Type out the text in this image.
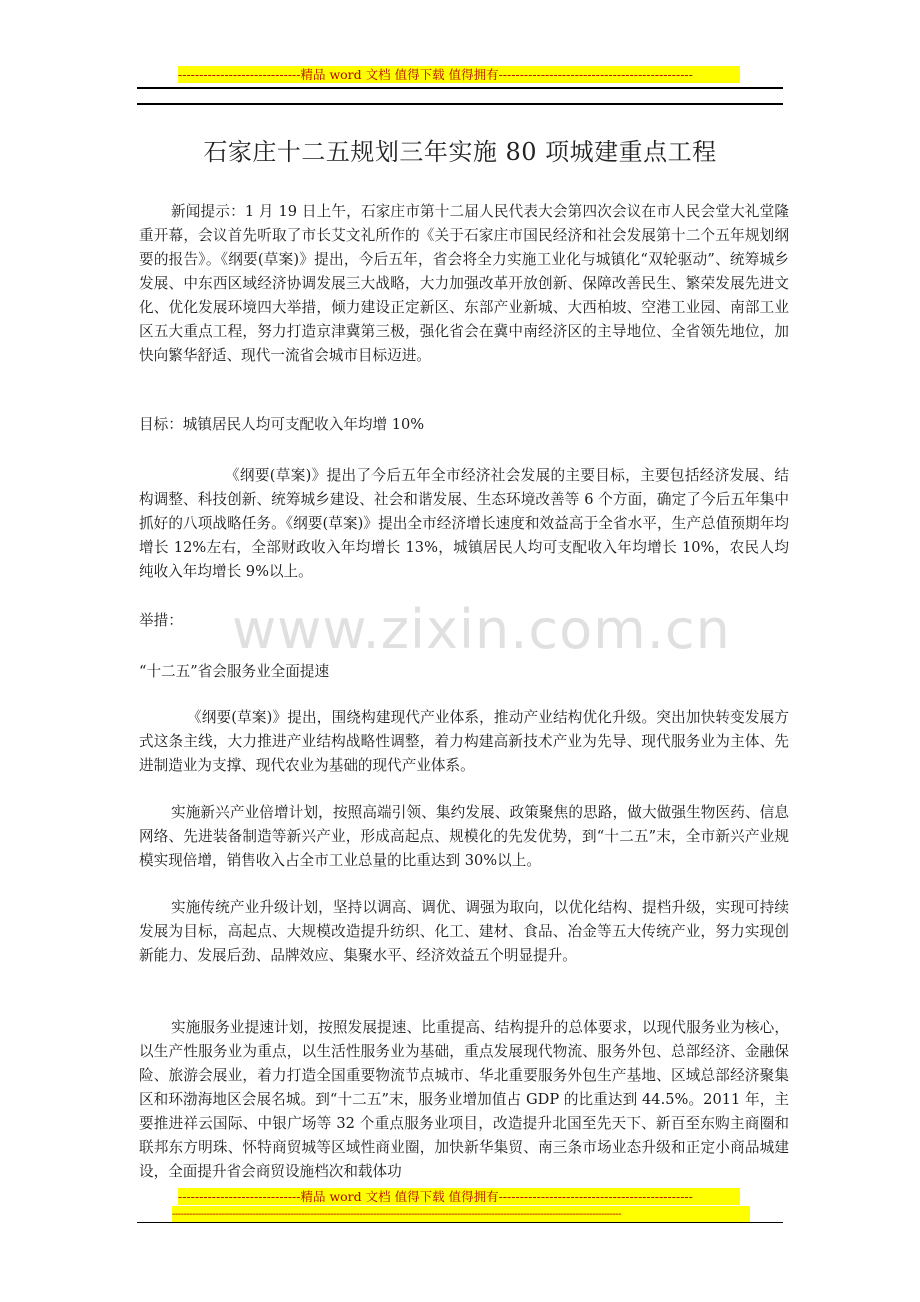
-----------------------------精品 word 文档 值得下载 值得拥有----------------------------------------------
www.zixin.com.cn
石家庄十二五规划三年实施 80 项城建重点工程
新闻提示：1 月 19 日上午，石家庄市第十二届人民代表大会第四次会议在市人民会堂大礼堂隆重开幕，会议首先听取了市长艾文礼所作的《关于石家庄市国民经济和社会发展第十二个五年规划纲要的报告》。《纲要(草案)》提出，今后五年，省会将全力实施工业化与城镇化“双轮驱动”、统筹城乡发展、中东西区域经济协调发展三大战略，大力加强改革开放创新、保障改善民生、繁荣发展先进文化、优化发展环境四大举措，倾力建设正定新区、东部产业新城、大西柏坡、空港工业园、南部工业区五大重点工程，努力打造京津冀第三极，强化省会在冀中南经济区的主导地位、全省领先地位，加快向繁华舒适、现代一流省会城市目标迈进。
目标：城镇居民人均可支配收入年均增 10%
《纲要(草案)》提出了今后五年全市经济社会发展的主要目标，主要包括经济发展、结构调整、科技创新、统筹城乡建设、社会和谐发展、生态环境改善等 6 个方面，确定了今后五年集中抓好的八项战略任务。《纲要(草案)》提出全市经济增长速度和效益高于全省水平，生产总值预期年均增长 12%左右，全部财政收入年均增长 13%，城镇居民人均可支配收入年均增长 10%，农民人均纯收入年均增长 9%以上。
举措：
“十二五”省会服务业全面提速
《纲要(草案)》提出，围绕构建现代产业体系，推动产业结构优化升级。突出加快转变发展方式这条主线，大力推进产业结构战略性调整，着力构建高新技术产业为先导、现代服务业为主体、先进制造业为支撑、现代农业为基础的现代产业体系。
实施新兴产业倍增计划，按照高端引领、集约发展、政策聚焦的思路，做大做强生物医药、信息网络、先进装备制造等新兴产业，形成高起点、规模化的先发优势，到“十二五”末，全市新兴产业规模实现倍增，销售收入占全市工业总量的比重达到 30%以上。
实施传统产业升级计划，坚持以调高、调优、调强为取向，以优化结构、提档升级，实现可持续发展为目标，高起点、大规模改造提升纺织、化工、建材、食品、冶金等五大传统产业，努力实现创新能力、发展后劲、品牌效应、集聚水平、经济效益五个明显提升。
实施服务业提速计划，按照发展提速、比重提高、结构提升的总体要求，以现代服务业为核心，以生产性服务业为重点，以生活性服务业为基础，重点发展现代物流、服务外包、总部经济、金融保险、旅游会展业，着力打造全国重要物流节点城市、华北重要服务外包生产基地、区域总部经济聚集区和环渤海地区会展名城。到“十二五”末，服务业增加值占 GDP 的比重达到 44.5%。2011 年，主要推进祥云国际、中银广场等 32 个重点服务业项目，改造提升北国至先天下、新百至东购主商圈和联邦东方明珠、怀特商贸城等区域性商业圈，加快新华集贸、南三条市场业态升级和正定小商品城建设，全面提升省会商贸设施档次和载体功
-----------------------------精品 word 文档 值得下载 值得拥有----------------------------------------------
------------------------------------------------------------------------------------------------------------------------------------------------------------
